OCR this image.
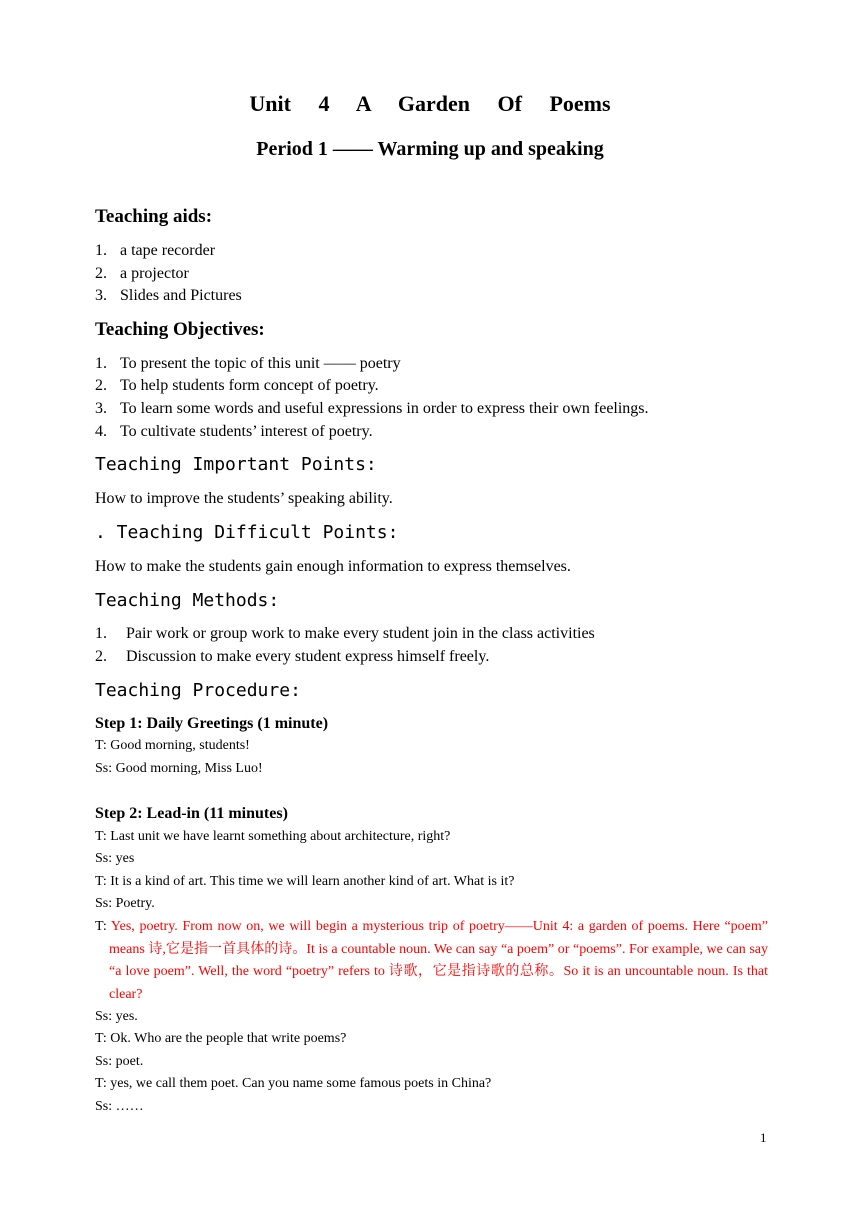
Unit 4 A Garden Of Poems
Period 1 —— Warming up and speaking
Teaching aids:
1. a tape recorder
2. a projector
3. Slides and Pictures
Teaching Objectives:
1. To present the topic of this unit —— poetry
2. To help students form concept of poetry.
3. To learn some words and useful expressions in order to express their own feelings.
4. To cultivate students’ interest of poetry.
Teaching Important Points:
How to improve the students’ speaking ability.
. Teaching Difficult Points:
How to make the students gain enough information to express themselves.
Teaching Methods:
1. Pair work or group work to make every student join in the class activities
2. Discussion to make every student express himself freely.
Teaching Procedure:
Step 1: Daily Greetings (1 minute)
T: Good morning, students!
Ss: Good morning, Miss Luo!
Step 2: Lead-in (11 minutes)
T: Last unit we have learnt something about architecture, right?
Ss: yes
T: It is a kind of art. This time we will learn another kind of art. What is it?
Ss: Poetry.
T: Yes, poetry. From now on, we will begin a mysterious trip of poetry——Unit 4: a garden of poems. Here “poem” means 诗,它是指一首具体的诗。It is a countable noun. We can say “a poem” or “poems”. For example, we can say “a love poem”. Well, the word “poetry” refers to 诗歌，它是指诗歌的总称。So it is an uncountable noun. Is that clear?
Ss: yes.
T: Ok. Who are the people that write poems?
Ss: poet.
T: yes, we call them poet. Can you name some famous poets in China?
Ss: ……
1
